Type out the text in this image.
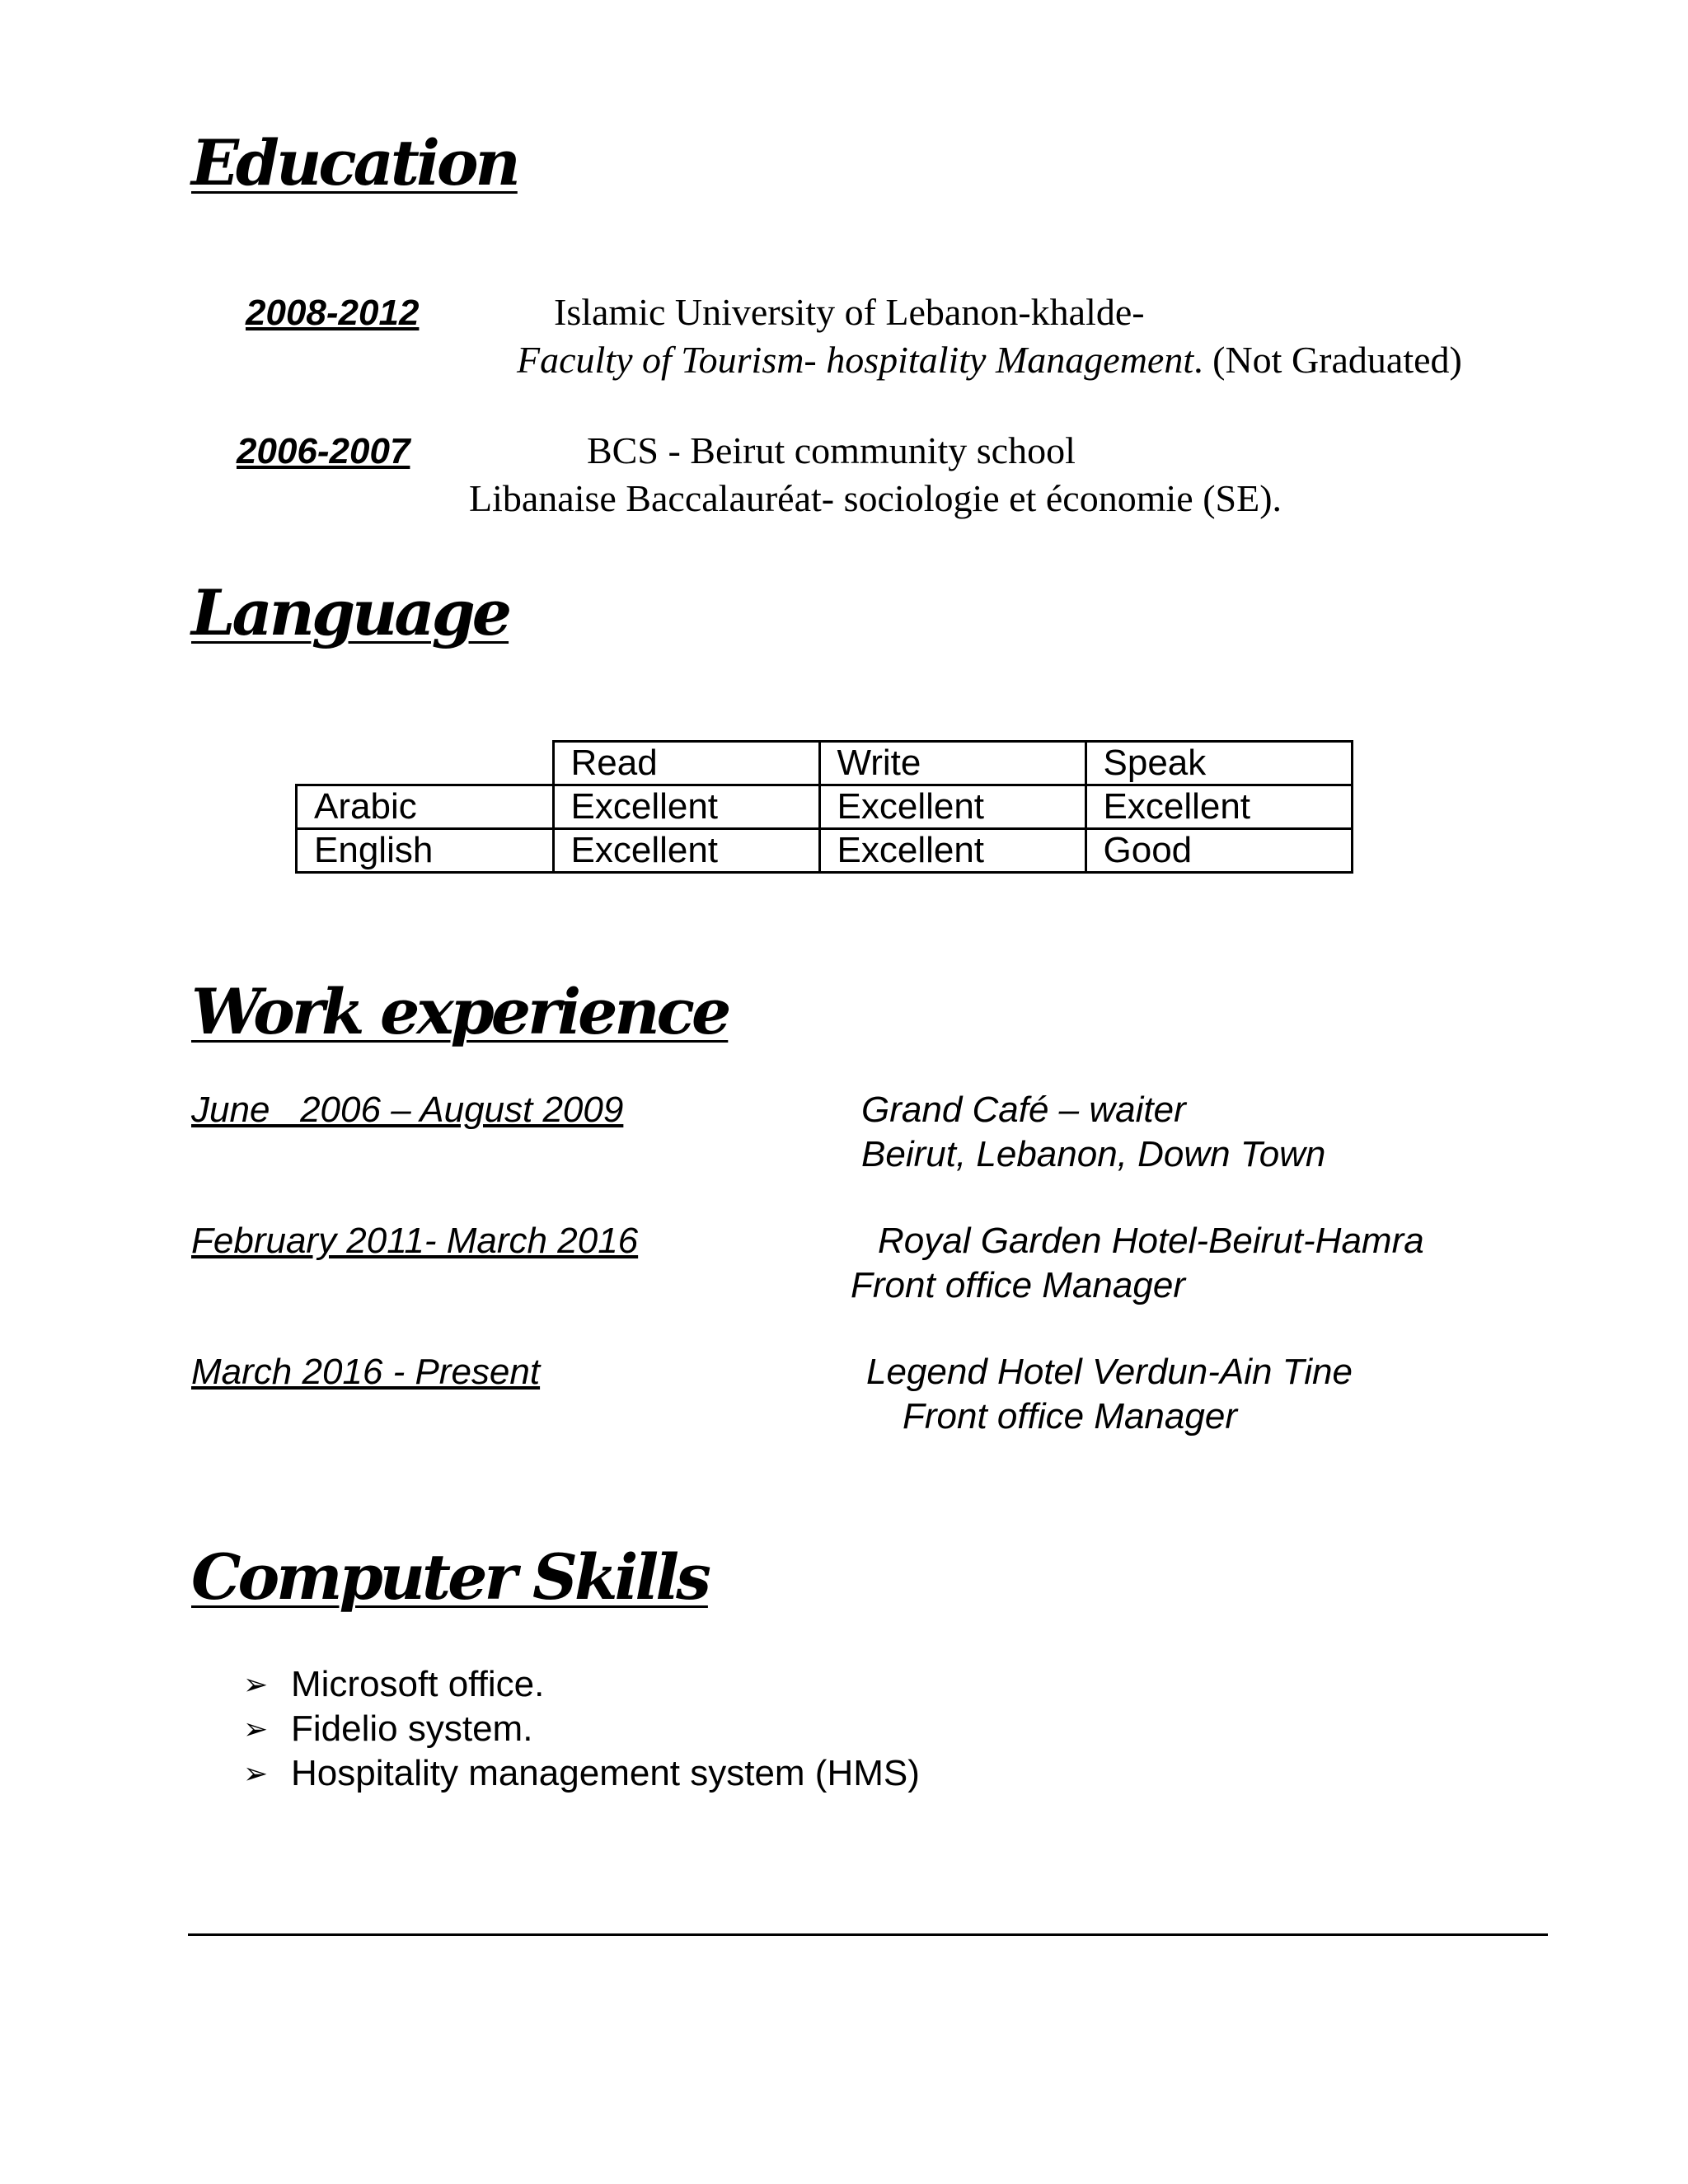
Education
2008-2012	Islamic University of Lebanon-khalde-
Faculty of Tourism- hospitality Management. (Not Graduated)
2006-2007	BCS - Beirut community school
Libanaise Baccalauréat- sociologie et économie (SE).
Language
	Read	Write	Speak
Arabic	Excellent	Excellent	Excellent
English	Excellent	Excellent	Good
Work experience
June   2006 – August 2009	Grand Café – waiter
Beirut, Lebanon, Down Town
February 2011- March 2016	Royal Garden Hotel-Beirut-Hamra
Front office Manager
March 2016 - Present	Legend Hotel Verdun-Ain Tine
Front office Manager
Computer Skills
➢ Microsoft office.
➢ Fidelio system.
➢ Hospitality management system (HMS)
